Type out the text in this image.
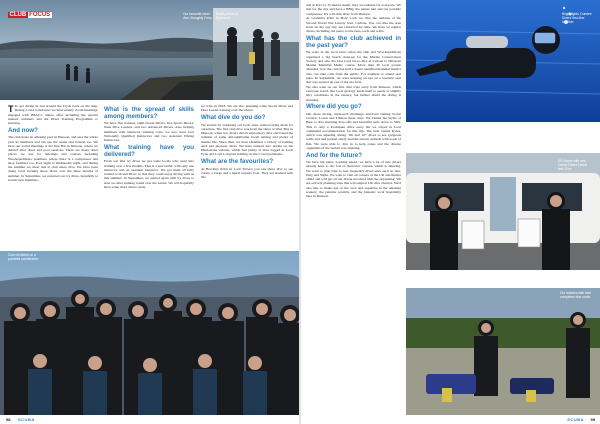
Our favourite shore dive, Broughty Ferry
Buddy check at Eyemouth
CLUB FOCUS

T To get diving in and around the Clyde back on the map. During Covid lockdowns we held weekly Zoom meetings, engaged with BSAC's online offer including the special interest webinars and the Diver Training Programme e-learning.

And now?

The club hosts an amazing pool in Dunoon, and sees the whole year its members and can use the sauna and Jacuzzi too. We have our social meetings at the first Bar in Dunoon, where we debrief after dives and pool sessions. There are many other places we use for meetings and courses including Wreckspeditions' premises, where there is a compressor and shop facilities too. Pool night is Wednesday night, and during the summer we meet this at club shore dive. We have been doing local evening shore dives over the three months of summer. In September, we restarted our try dives, hopefully to recruit new members.

What is the spread of skills among members?

We have five trainees, eight Ocean Divers, five Sports Divers, three Dive Leaders, and two Advanced Divers. Also helping members with instructor training costs, we now have four Nationally Qualified Instructors and two Assistant Diving Instructors.

What training have you delivered?

From our first try dives we get some locals who went into training over a few months. That is a successful, with only one instructor and an assistant instructor. We got them all fully trained to Ocean Diver so that they could enjoy diving with us this summer. In September, we started again with try dives to start on other training round over the winter. We will hopefully have some more divers ready

for trips in 2023. We are also planning some Sports Diver and Dive Leader training over the winter.

What dive do you do?

We started by exploring our local sites, rediscovering them for ourselves. The first club dive was from the shore at West Bay in Dunoon, when two divers did an exploratory dive and found the remains of some anti-submarine boom netting and plenty of marine life. Since then, we have identified a variety of training sites and pleasure dives. We have entered into details on the Hindostans website, which had plenty of sites logged in Loch Fyne and Loch Long but nothing on the Cowal peninsula.

What are the favourites?

At Bracklay Point in Loch Striven you can shore dive to see corals, a barge and a mural torpedo boat. They are stacked with life

Club members on a powerful combination
98 SCUBA

and at Port La 15 metres depth, they are suitable for everyone. We met for the day and have a BBQ, the nature tent and our portable compressor. It's a 20-min drive from Dunoon.

At Graham's Point in Holy Loch we dive the remains of the Second World War Liberty boat, Carlisle. You can dive the area from all day any day, not restricted by tides. We have 12 regular divers, including old peers, bottle runs, reefs and walls.

What has the club achieved in the past year?

We were in the local news when the club and Wreckspeditions organised a big beach clean-up for the Marine Conservation Society and also the best local bit-to-dive at various to Hirascan Marine Mammal Medic course. More than 30 local people attended, now the club has half a dozen qualified mammal medics who can take calls from the public. For example to attend seal pups. In September, we were keeping an eye on a leucistic seal that was spotted up one of the sea forts.

We also went on our first dive trips away from Dunoon, which everyone loved. Our local geology lends itself to sandy or slightly silty conditions in the estuary, but further afield the diving is stunning.

Where did you go?

Our shore diving, triple-tech challenge, involved visiting Scotia Cromar, Loeen and Tiburon these days. We visited the Kyles of Bute to dive stunning drop-offs and beautiful reefs down to 30m. This is only a 45-minute drive away but we stayed in local communal accommodation for this trip. The next visited Kyles, which was amazing diving. We had 10+ dives to see gorgeous walls and reef packed sandy boulder-strewn seabeds with loads of fish. We were able to dive in to kelp zones and the diverse organisms of the seabed was amazing.

And for the future?

We have big plans. Looking ahead, we have a lot of new divers already keen to doc lots of instructor courses, which is amazing. We want to plan trips to less frequently dived sites such as Jura, Islay and Sigha. We want to visit all corners of the UK and further afield and will get all our divers involved with the organising. We are actively planning trips that will support UK dive charters. We'd also like to make use of the cave and expertise in the amazing scenery, the genuine warmth, and the fantastic local hospitality here in Dunoon.

Bright lights, Dundee Divers' first dive together
DD Divers with new Ocean Divers Daniel and Chris
Our trainees with their completed dive cards
SCUBA 99
